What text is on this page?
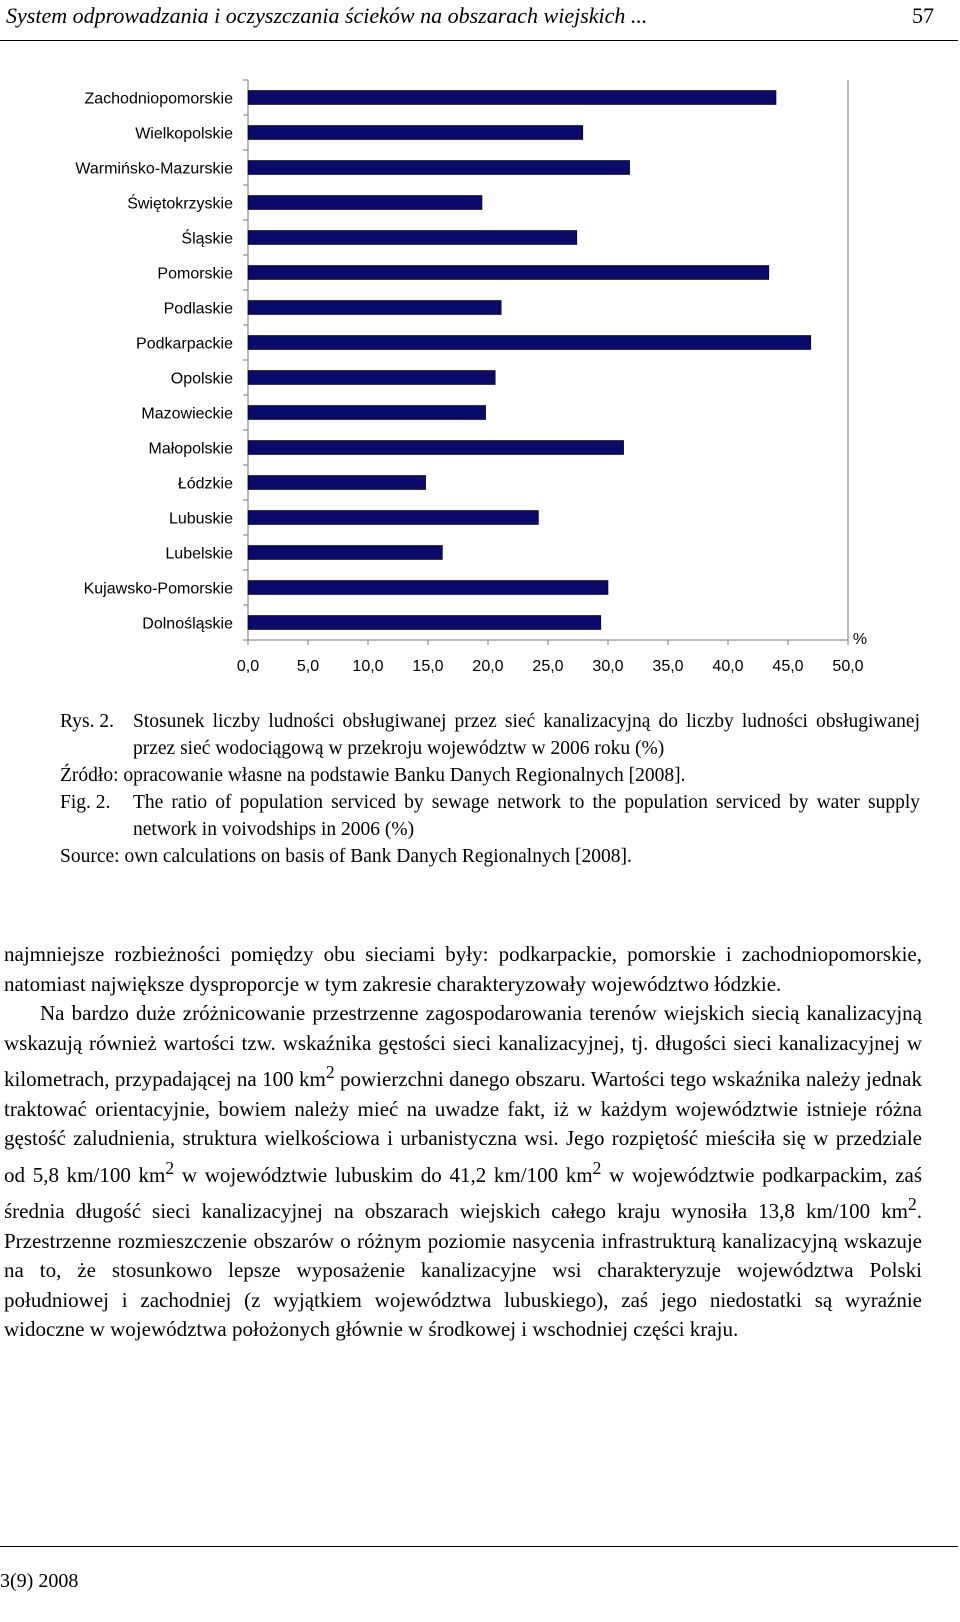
System odprowadzania i oczyszczania ścieków na obszarach wiejskich ...	57
Dolnośląskie
Kujawsko-Pomorskie
Lubelskie
Lubuskie
Łódzkie
Małopolskie
Mazowieckie
Opolskie
Podkarpackie
Podlaskie
Pomorskie
Śląskie
Świętokrzyskie
Warmińsko-Mazurskie
Wielkopolskie
Zachodniopomorskie
0,0 5,0 10,0 15,0 20,0 25,0 30,0 35,0 40,0 45,0 50,0
%
Rys. 2. Stosunek liczby ludności obsługiwanej przez sieć kanalizacyjną do liczby ludności obsługiwanej przez sieć wodociągową w przekroju województw w 2006 roku (%)
Źródło: opracowanie własne na podstawie Banku Danych Regionalnych [2008].
Fig. 2.	The ratio of population serviced by sewage network to the population serviced by water supply network in voivodships in 2006 (%)
Source: own calculations on basis of Bank Danych Regionalnych [2008].

najmniejsze rozbieżności pomiędzy obu sieciami były: podkarpackie, pomorskie i zachodniopomorskie, natomiast największe dysproporcje w tym zakresie charakteryzowały województwo łódzkie.

Na bardzo duże zróżnicowanie przestrzenne zagospodarowania terenów wiejskich siecią kanalizacyjną wskazują również wartości tzw. wskaźnika gęstości sieci kanalizacyjnej, tj. długości sieci kanalizacyjnej w kilometrach, przypadającej na 100 $km^2$ powierzchni danego obszaru. Wartości tego wskaźnika należy jednak traktować orientacyjnie, bowiem należy mieć na uwadze fakt, iż w każdym województwie istnieje różna gęstość zaludnienia, struktura wielkościowa i urbanistyczna wsi. Jego rozpiętość mieściła się w przedziale od 5,8 km/100 $km^2$ w województwie lubuskim do 41,2 km/100 $km^2$ w województwie podkarpackim, zaś średnia długość sieci kanalizacyjnej na obszarach wiejskich całego kraju wynosiła 13,8 km/100 $km^2$. Przestrzenne rozmieszczenie obszarów o różnym poziomie nasycenia infrastrukturą kanalizacyjną wskazuje na to, że stosunkowo lepsze wyposażenie kanalizacyjne wsi charakteryzuje województwa Polski południowej i zachodniej (z wyjątkiem województwa lubuskiego), zaś jego niedostatki są wyraźnie widoczne w województwa położonych głównie w środkowej i wschodniej części kraju.

3(9) 2008
